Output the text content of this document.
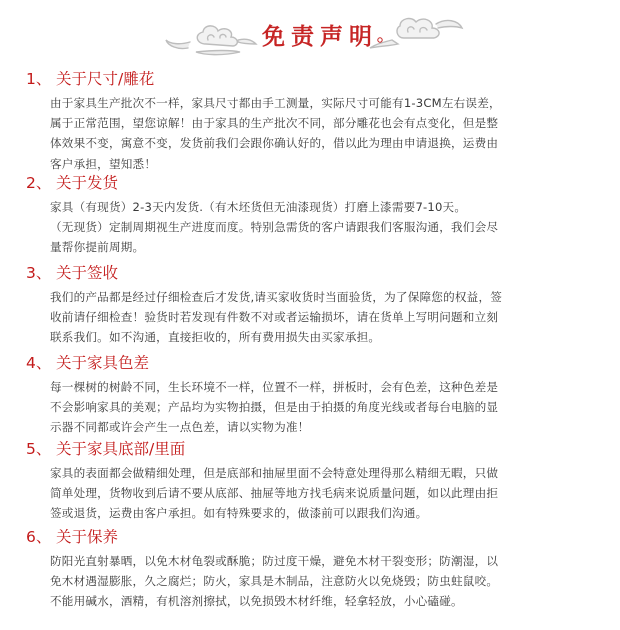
免责声明
1、 关于尺寸/雕花
由于家具生产批次不一样，家具尺寸都由手工测量，实际尺寸可能有1-3CM左右误差，
属于正常范围，望您谅解！由于家具的生产批次不同，部分雕花也会有点变化，但是整
体效果不变，寓意不变，发货前我们会跟你确认好的，借以此为理由申请退换，运费由
客户承担，望知悉！
2、 关于发货
家具（有现货）2-3天内发货.（有木坯货但无油漆现货）打磨上漆需要7-10天。
（无现货）定制周期视生产进度而度。特别急需货的客户请跟我们客服沟通，我们会尽
量帮你提前周期。
3、 关于签收
我们的产品都是经过仔细检查后才发货,请买家收货时当面验货，为了保障您的权益，签
收前请仔细检查！验货时若发现有件数不对或者运输损坏，请在货单上写明问题和立刻
联系我们。如不沟通，直接拒收的，所有费用损失由买家承担。
4、 关于家具色差
每一棵树的树龄不同，生长环境不一样，位置不一样，拼板时，会有色差，这种色差是
不会影响家具的美观；产品均为实物拍摄，但是由于拍摄的角度光线或者每台电脑的显
示器不同都或许会产生一点色差，请以实物为准！
5、 关于家具底部/里面
家具的表面都会做精细处理，但是底部和抽屉里面不会特意处理得那么精细无暇，只做
简单处理，货物收到后请不要从底部、抽屉等地方找毛病来说质量问题，如以此理由拒
签或退货，运费由客户承担。如有特殊要求的，做漆前可以跟我们沟通。
6、 关于保养
防阳光直射暴晒，以免木材龟裂或酥脆；防过度干燥，避免木材干裂变形；防潮湿，以
免木材遇湿膨胀，久之腐烂；防火，家具是木制品，注意防火以免烧毁；防虫蛀鼠咬。
不能用碱水，酒精，有机溶剂擦拭，以免损毁木材纤维，轻拿轻放，小心磕碰。
